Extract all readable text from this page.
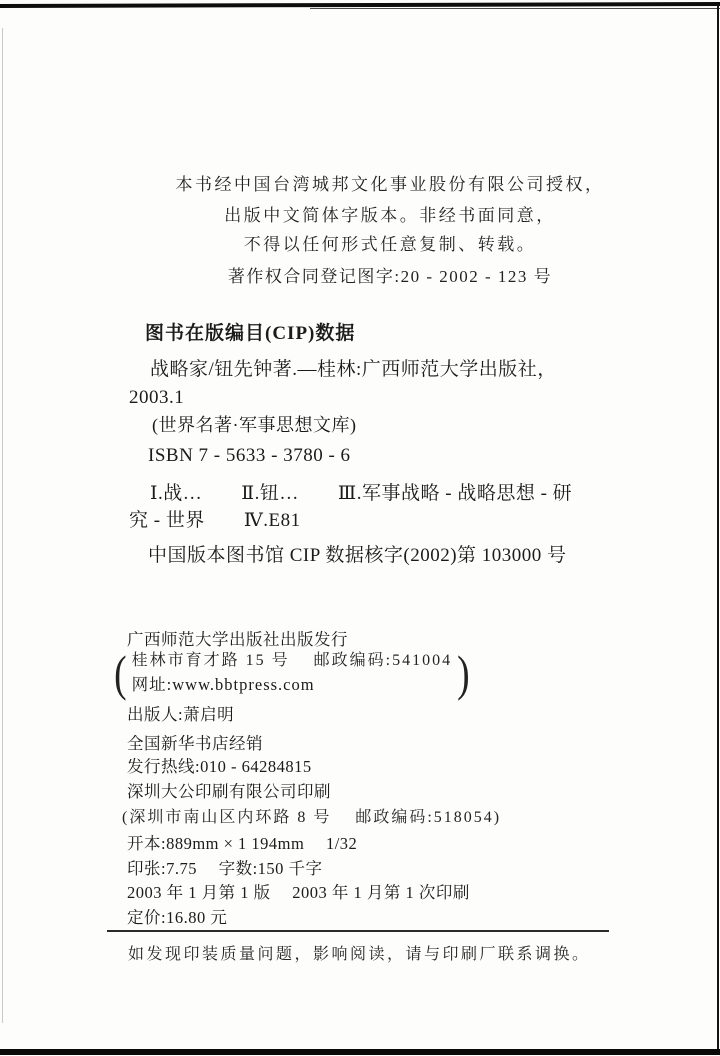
本书经中国台湾城邦文化事业股份有限公司授权，
出版中文简体字版本。非经书面同意，
不得以任何形式任意复制、转载。
著作权合同登记图字:20 - 2002 - 123 号
图书在版编目(CIP)数据
战略家/钮先钟著.—桂林:广西师范大学出版社，
2003.1
(世界名著·军事思想文库)
ISBN 7 - 5633 - 3780 - 6
Ⅰ.战…　　Ⅱ.钮…　　Ⅲ.军事战略 - 战略思想 - 研
究 - 世界　　Ⅳ.E81
中国版本图书馆 CIP 数据核字(2002)第 103000 号
广西师范大学出版社出版发行
( 桂林市育才路 15 号　 邮政编码:541004
网址:www.bbtpress.com	)
出版人:萧启明
全国新华书店经销
发行热线:010 - 64284815
深圳大公印刷有限公司印刷
(深圳市南山区内环路 8 号　 邮政编码:518054)
开本:889mm × 1 194mm　 1/32
印张:7.75　 字数:150 千字
2003 年 1 月第 1 版　 2003 年 1 月第 1 次印刷
定价:16.80 元
如发现印装质量问题，影响阅读，请与印刷厂联系调换。
